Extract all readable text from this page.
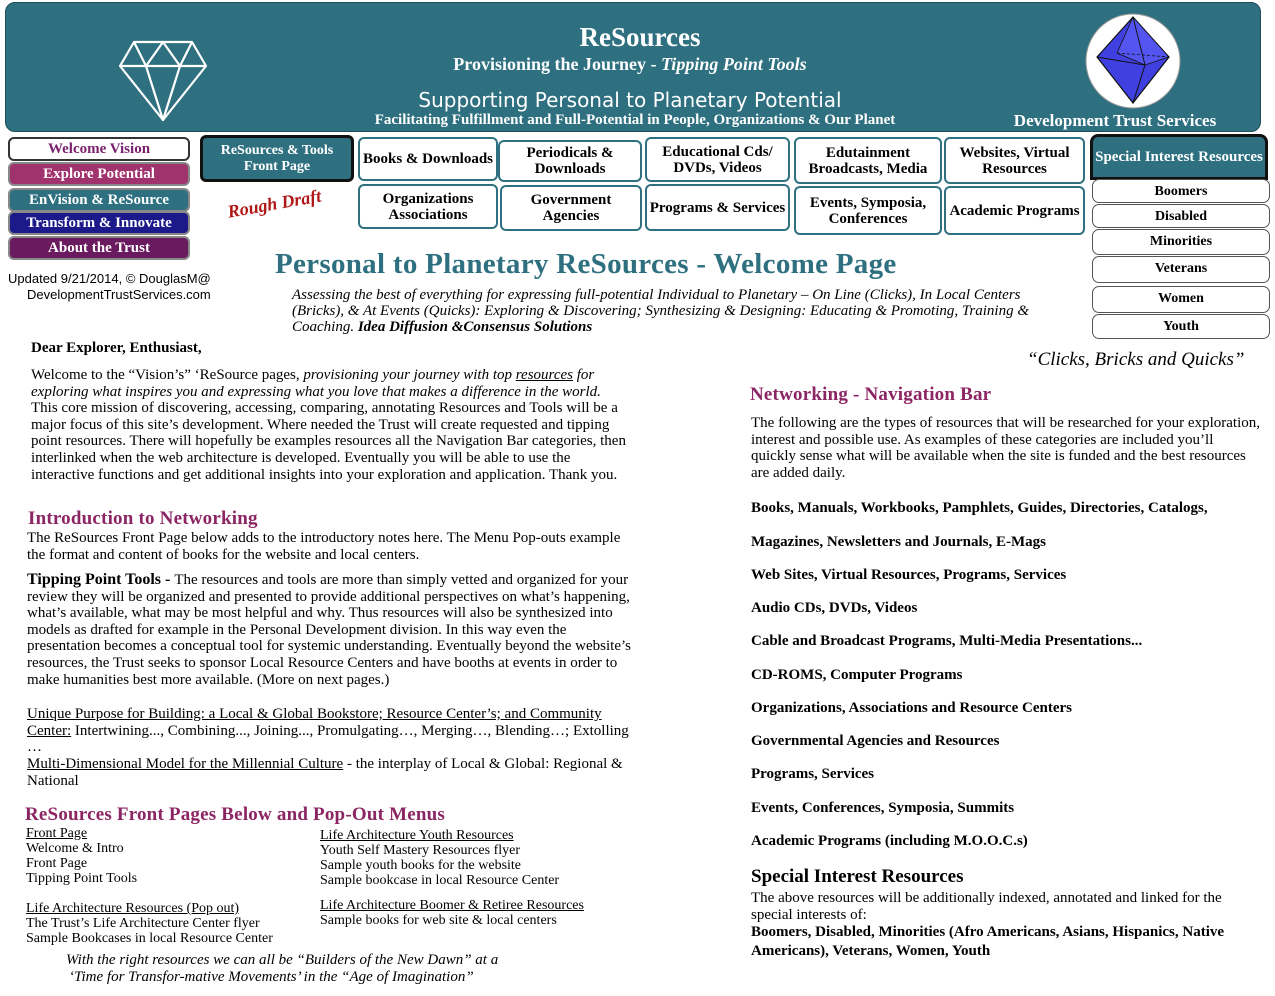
ReSources
Provisioning the Journey - Tipping Point Tools
Supporting Personal to Planetary Potential
Facilitating Fulfillment and Full-Potential in People, Organizations & Our Planet	Development Trust Services
Welcome Vision
Explore Potential
EnVision & ReSource
Transform & Innovate
About the Trust
ReSources & Tools Front Page	Books & Downloads	Periodicals & Downloads
Educational Cds/ DVDs, Videos
Edutainment Broadcasts, Media
Websites, Virtual Resources
Organizations Associations
Government Agencies
Programs & Services	Events, Symposia, Conferences	Academic Programs
Special Interest Resources
Boomers
Disabled
Minorities
Veterans
Women
Youth
Rough Draft
Updated 9/21/2014, © DouglasM@
DevelopmentTrustServices.com
Personal to Planetary ReSources - Welcome Page
Assessing the best of everything for expressing full-potential Individual to Planetary – On Line (Clicks), In Local Centers (Bricks), & At Events (Quicks): Exploring & Discovering; Synthesizing & Designing: Educating & Promoting, Training & Coaching. Idea Diffusion &Consensus Solutions
“Clicks, Bricks and Quicks”
Dear Explorer, Enthusiast,
Welcome to the “Vision’s” ‘ReSource pages, provisioning your journey with top resources for exploring what inspires you and expressing what you love that makes a difference in the world. This core mission of discovering, accessing, comparing, annotating Resources and Tools will be a major focus of this site’s development. Where needed the Trust will create requested and tipping point resources. There will hopefully be examples resources all the Navigation Bar categories, then interlinked when the web architecture is developed. Eventually you will be able to use the interactive functions and get additional insights into your exploration and application. Thank you.
Introduction to Networking
The ReSources Front Page below adds to the introductory notes here. The Menu Pop-outs example the format and content of books for the website and local centers.
Tipping Point Tools - The resources and tools are more than simply vetted and organized for your review they will be organized and presented to provide additional perspectives on what’s happening, what’s available, what may be most helpful and why. Thus resources will also be synthesized into models as drafted for example in the Personal Development division. In this way even the presentation becomes a conceptual tool for systemic understanding. Eventually beyond the website’s resources, the Trust seeks to sponsor Local Resource Centers and have booths at events in order to make humanities best more available. (More on next pages.)
Unique Purpose for Building: a Local & Global Bookstore; Resource Center’s; and Community Center: Intertwining..., Combining..., Joining..., Promulgating…, Merging…, Blending…; Extolling …
Multi-Dimensional Model for the Millennial Culture - the interplay of Local & Global: Regional & National
ReSources Front Pages Below and Pop-Out Menus
Front Page
Welcome & Intro
Front Page
Tipping Point Tools
Life Architecture Resources (Pop out)
The Trust’s Life Architecture Center flyer
Sample Bookcases in local Resource Center
Life Architecture Youth Resources
Youth Self Mastery Resources flyer
Sample youth books for the website
Sample bookcase in local Resource Center
Life Architecture Boomer & Retiree Resources
Sample books for web site & local centers
With the right resources we can all be “Builders of the New Dawn” at a
‘Time for Transfor-mative Movements’ in the “Age of Imagination”
Networking - Navigation Bar
The following are the types of resources that will be researched for your exploration, interest and possible use. As examples of these categories are included you’ll quickly sense what will be available when the site is funded and the best resources are added daily.
Books, Manuals, Workbooks, Pamphlets, Guides, Directories, Catalogs,
Magazines, Newsletters and Journals, E-Mags
Web Sites, Virtual Resources, Programs, Services
Audio CDs, DVDs, Videos
Cable and Broadcast Programs, Multi-Media Presentations...
CD-ROMS, Computer Programs
Organizations, Associations and Resource Centers
Governmental Agencies and Resources
Programs, Services
Events, Conferences, Symposia, Summits
Academic Programs (including M.O.O.C.s)
Special Interest Resources
The above resources will be additionally indexed, annotated and linked for the special interests of:
Boomers, Disabled, Minorities (Afro Americans, Asians, Hispanics, Native Americans), Veterans, Women, Youth
